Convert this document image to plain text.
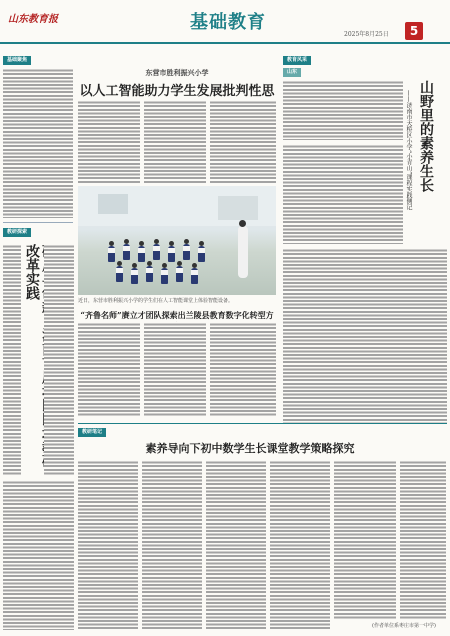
山东教育报	基础教育
2025年8月25日	5
基础聚焦
教研探索
改革实践
东营市胜利振兴小学
以人工智能助力学生发展批判性思
近日，东营市胜利振兴小学的学生们在人工智能课堂上体验智能设备。
“齐鲁名师”赓立才团队探索出兰陵县教育数字化转型方
教育风采
山东
山野里的素养生长
——济南市天桥区小学“小青山”课程实践侧记
教研笔记
素养导向下初中数学生长课堂教学策略探究
(作者单位系枣庄市第一中学)
